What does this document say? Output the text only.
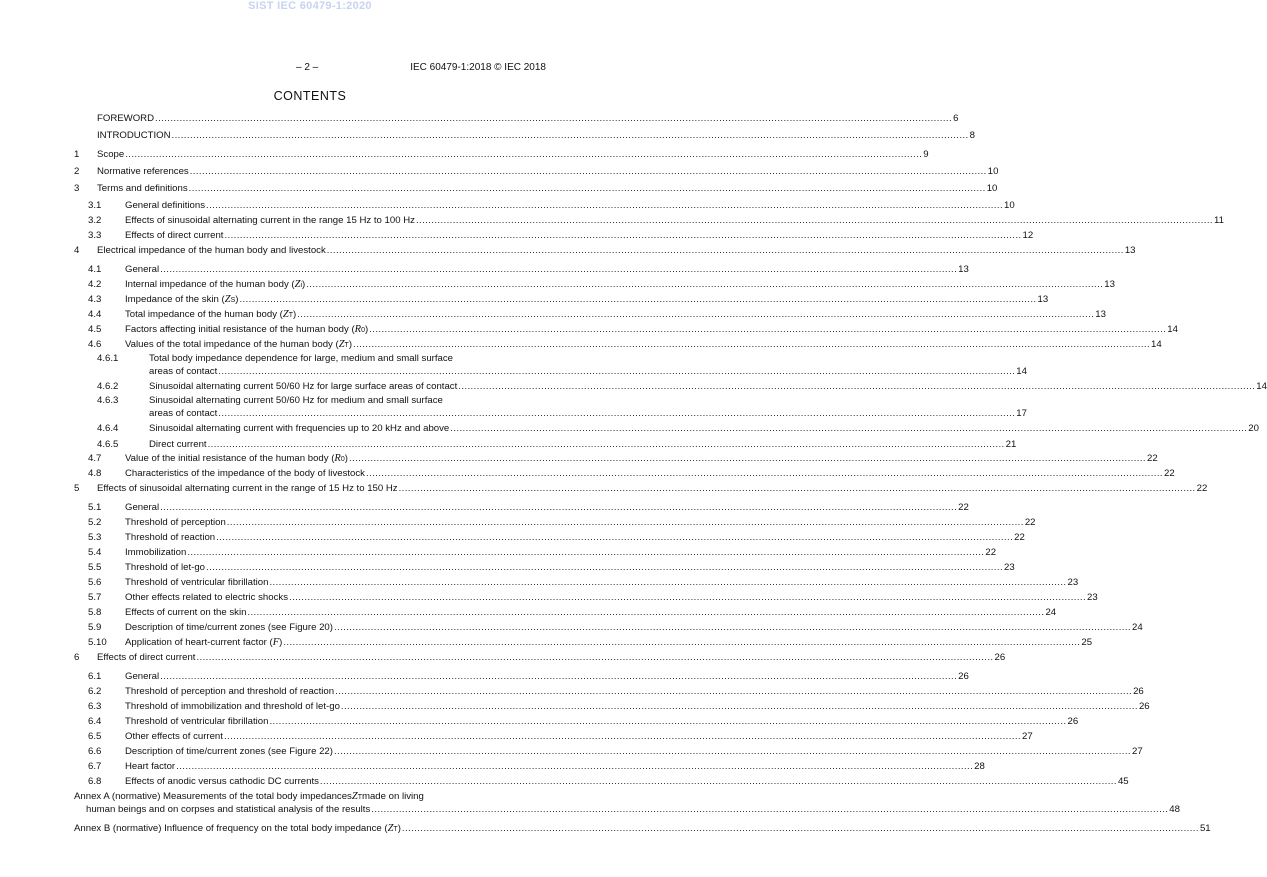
SIST IEC 60479-1:2020
– 2 –	IEC 60479-1:2018 © IEC 2018
CONTENTS
FOREWORD .................................................................................................................................................................................................................................................................... 6
INTRODUCTION .................................................................................................................................................................................................................................................................... 8
1	Scope .................................................................................................................................................................................................................................................................... 9
2	Normative references .................................................................................................................................................................................................................................................................... 10
3	Terms and definitions .................................................................................................................................................................................................................................................................... 10
3.1	General definitions .................................................................................................................................................................................................................................................................... 10
3.2	Effects of sinusoidal alternating current in the range 15 Hz to 100 Hz .................................................................................................................................................................................................................................................................... 11
3.3	Effects of direct current .................................................................................................................................................................................................................................................................... 12
4	Electrical impedance of the human body and livestock .................................................................................................................................................................................................................................................................... 13
4.1	General .................................................................................................................................................................................................................................................................... 13
4.2	Internal impedance of the human body ( Z i ) .................................................................................................................................................................................................................................................................... 13
4.3	Impedance of the skin ( Z S ) .................................................................................................................................................................................................................................................................... 13
4.4	Total impedance of the human body ( Z T ) .................................................................................................................................................................................................................................................................... 13
4.5	Factors affecting initial resistance of the human body ( R 0 ) .................................................................................................................................................................................................................................................................... 14
4.6	Values of the total impedance of the human body ( Z T ) .................................................................................................................................................................................................................................................................... 14
4.6.1	Total body impedance dependence for large, medium and small surface
areas of contact .................................................................................................................................................................................................................................................................... 14
4.6.2	Sinusoidal alternating current 50/60 Hz for large surface areas of contact .................................................................................................................................................................................................................................................................... 14
4.6.3	Sinusoidal alternating current 50/60 Hz for medium and small surface
areas of contact .................................................................................................................................................................................................................................................................... 17
4.6.4	Sinusoidal alternating current with frequencies up to 20 kHz and above .................................................................................................................................................................................................................................................................... 20
4.6.5	Direct current .................................................................................................................................................................................................................................................................... 21
4.7	Value of the initial resistance of the human body ( R 0 ) .................................................................................................................................................................................................................................................................... 22
4.8	Characteristics of the impedance of the body of livestock .................................................................................................................................................................................................................................................................... 22
5	Effects of sinusoidal alternating current in the range of 15 Hz to 150 Hz .................................................................................................................................................................................................................................................................... 22
5.1	General .................................................................................................................................................................................................................................................................... 22
5.2	Threshold of perception .................................................................................................................................................................................................................................................................... 22
5.3	Threshold of reaction .................................................................................................................................................................................................................................................................... 22
5.4	Immobilization .................................................................................................................................................................................................................................................................... 22
5.5	Threshold of let-go .................................................................................................................................................................................................................................................................... 23
5.6	Threshold of ventricular fibrillation .................................................................................................................................................................................................................................................................... 23
5.7	Other effects related to electric shocks .................................................................................................................................................................................................................................................................... 23
5.8	Effects of current on the skin .................................................................................................................................................................................................................................................................... 24
5.9	Description of time/current zones (see Figure 20) .................................................................................................................................................................................................................................................................... 24
5.10	Application of heart-current factor ( F ) .................................................................................................................................................................................................................................................................... 25
6	Effects of direct current .................................................................................................................................................................................................................................................................... 26
6.1	General .................................................................................................................................................................................................................................................................... 26
6.2	Threshold of perception and threshold of reaction .................................................................................................................................................................................................................................................................... 26
6.3	Threshold of immobilization and threshold of let-go .................................................................................................................................................................................................................................................................... 26
6.4	Threshold of ventricular fibrillation .................................................................................................................................................................................................................................................................... 26
6.5	Other effects of current .................................................................................................................................................................................................................................................................... 27
6.6	Description of time/current zones (see Figure 22) .................................................................................................................................................................................................................................................................... 27
6.7	Heart factor .................................................................................................................................................................................................................................................................... 28
6.8	Effects of anodic versus cathodic DC currents .................................................................................................................................................................................................................................................................... 45
Annex A (normative) Measurements of the total body impedances Z T made on living
human beings and on corpses and statistical analysis of the results .................................................................................................................................................................................................................................................................... 48
Annex B (normative) Influence of frequency on the total body impedance ( Z T ) .................................................................................................................................................................................................................................................................... 51
